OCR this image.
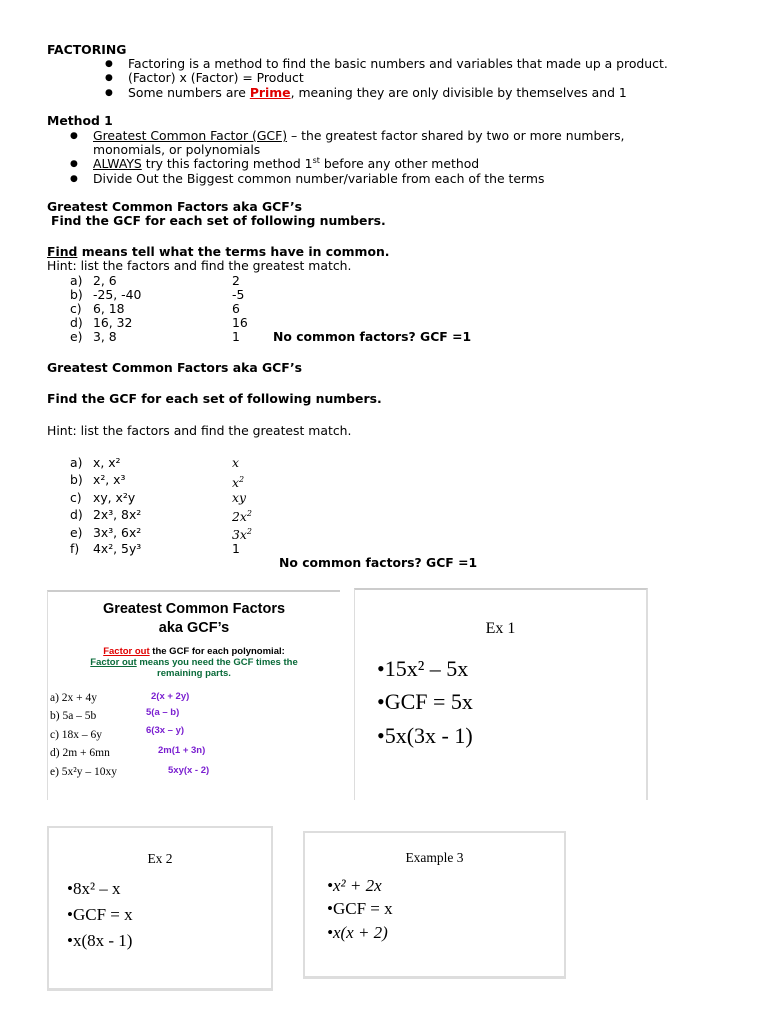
FACTORING
● Factoring is a method to find the basic numbers and variables that made up a product.
● (Factor) x (Factor) = Product
● Some numbers are Prime, meaning they are only divisible by themselves and 1
Method 1
● Greatest Common Factor (GCF) – the greatest factor shared by two or more numbers,
monomials, or polynomials
● ALWAYS try this factoring method 1st before any other method
● Divide Out the Biggest common number/variable from each of the terms
Greatest Common Factors aka GCF’s
Find the GCF for each set of following numbers.
Find means tell what the terms have in common.
Hint: list the factors and find the greatest match.
a) 2, 6	2
b) -25, -40	-5
c) 6, 18	6
d) 16, 32	16
e) 3, 8	1	No common factors? GCF =1
Greatest Common Factors aka GCF’s
Find the GCF for each set of following numbers.
Hint: list the factors and find the greatest match.
a) x, x²	x
b) x², x³	$x^2$
c) xy, x²y	xy
d) 2x³, 8x²	$2x^2$
e) 3x³, 6x²	$3x^2$
f) 4x², 5y³	1
No common factors? GCF =1
Greatest Common Factors
aka GCF’s
Factor out the GCF for each polynomial:
Factor out means you need the GCF times the
remaining parts.
a) 2x + 4y	2(x + 2y)
b) 5a – 5b	5(a – b)
c) 18x – 6y	6(3x – y)
d) 2m + 6mn	2m(1 + 3n)
e) 5x²y – 10xy	5xy(x - 2)
Ex 1
•15x² – 5x
•GCF = 5x
•5x(3x - 1)
Ex 2
•8x² – x
•GCF = x
•x(8x - 1)
Example 3
•x² + 2x
•GCF = x
•x(x + 2)
